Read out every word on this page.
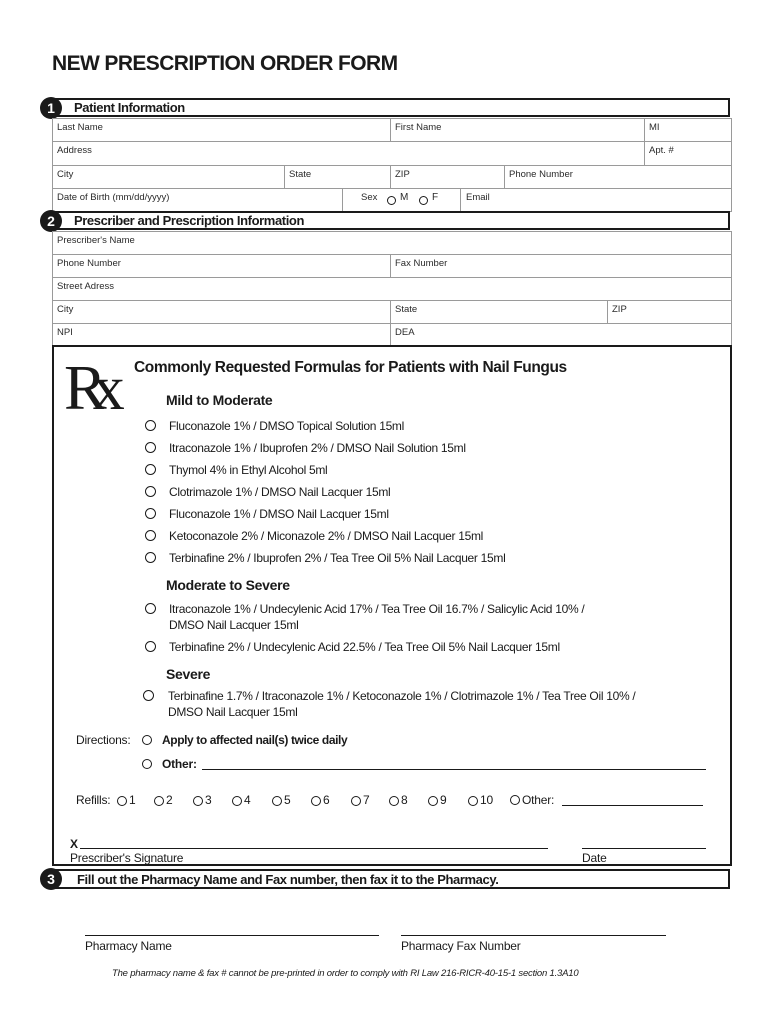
NEW PRESCRIPTION ORDER FORM
1	Patient Information
Last Name	First Name	MI
Address	Apt. #
City	State	ZIP	Phone Number
Date of Birth (mm/dd/yyyy)	Sex	M	F	Email
2	Prescriber and Prescription Information
Prescriber's Name
Phone Number	Fax Number
Street Adress
City	State	ZIP
NPI	DEA
Rx Commonly Requested Formulas for Patients with Nail Fungus
Mild to Moderate
Fluconazole 1% / DMSO Topical Solution 15ml
Itraconazole 1% / Ibuprofen 2% / DMSO Nail Solution 15ml
Thymol 4% in Ethyl Alcohol 5ml
Clotrimazole 1% / DMSO Nail Lacquer 15ml
Fluconazole 1% / DMSO Nail Lacquer 15ml
Ketoconazole 2% / Miconazole 2% / DMSO Nail Lacquer 15ml
Terbinafine 2% / Ibuprofen 2% / Tea Tree Oil 5% Nail Lacquer 15ml
Moderate to Severe
Itraconazole 1% / Undecylenic Acid 17% / Tea Tree Oil 16.7% / Salicylic Acid 10% /
DMSO Nail Lacquer 15ml
Terbinafine 2% / Undecylenic Acid 22.5% / Tea Tree Oil 5% Nail Lacquer 15ml
Severe
Terbinafine 1.7% / Itraconazole 1% / Ketoconazole 1% / Clotrimazole 1% / Tea Tree Oil 10% /
DMSO Nail Lacquer 15ml
Directions:	Apply to affected nail(s) twice daily
Other:
Refills: 1	2	3	4	5	6	7	8	9	10 Other:
X
Prescriber's Signature	Date
3	Fill out the Pharmacy Name and Fax number, then fax it to the Pharmacy.
Pharmacy Name	Pharmacy Fax Number
The pharmacy name & fax # cannot be pre-printed in order to comply with RI Law 216-RICR-40-15-1 section 1.3A10
